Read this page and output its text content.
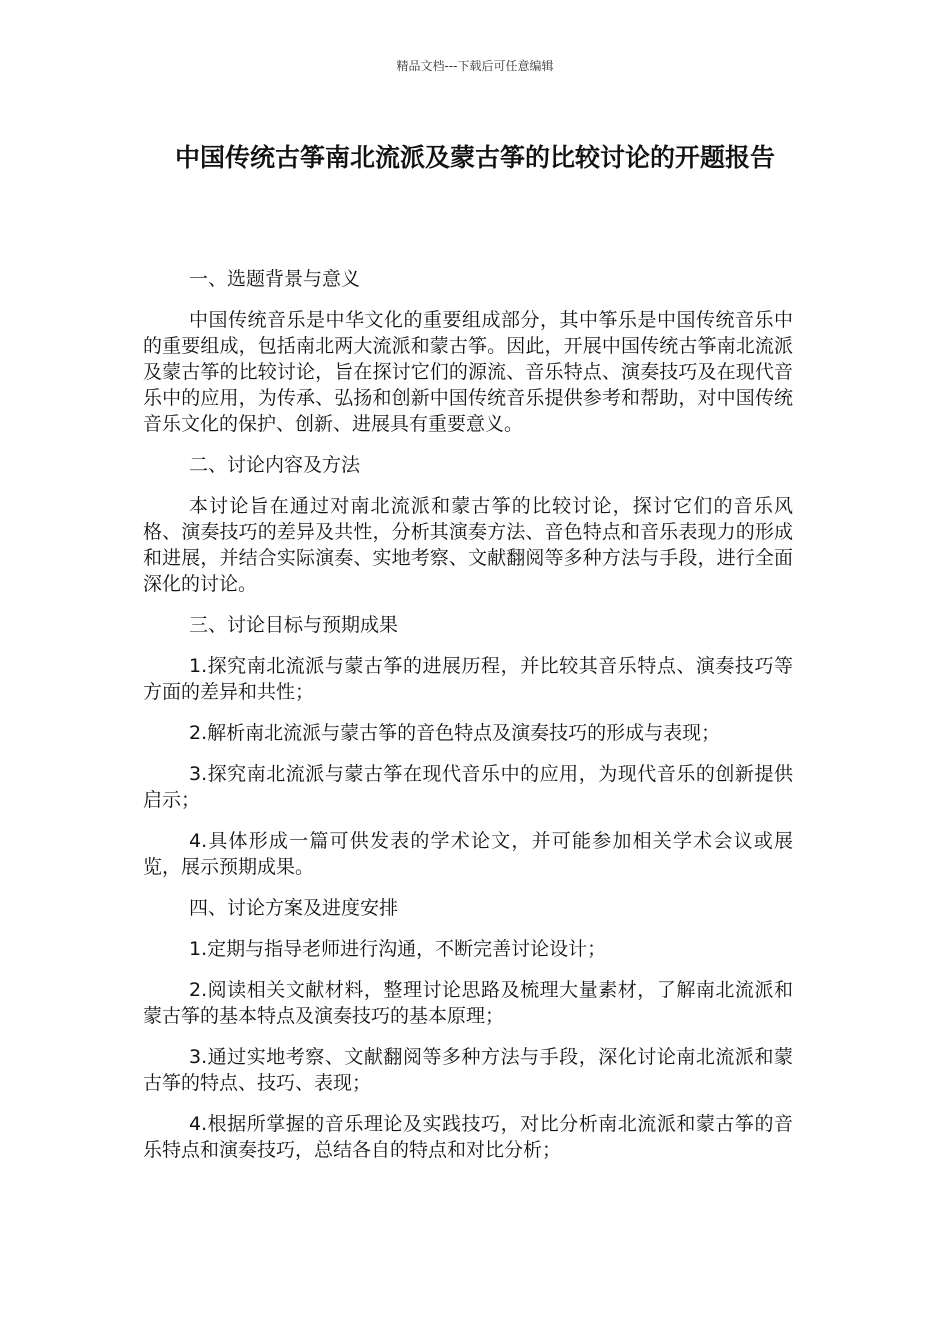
精品文档---下载后可任意编辑
中国传统古筝南北流派及蒙古筝的比较讨论的开题报告

一、选题背景与意义

中国传统音乐是中华文化的重要组成部分，其中筝乐是中国传统音乐中的重要组成，包括南北两大流派和蒙古筝。因此，开展中国传统古筝南北流派及蒙古筝的比较讨论，旨在探讨它们的源流、音乐特点、演奏技巧及在现代音乐中的应用，为传承、弘扬和创新中国传统音乐提供参考和帮助，对中国传统音乐文化的保护、创新、进展具有重要意义。

二、讨论内容及方法

本讨论旨在通过对南北流派和蒙古筝的比较讨论，探讨它们的音乐风格、演奏技巧的差异及共性，分析其演奏方法、音色特点和音乐表现力的形成和进展，并结合实际演奏、实地考察、文献翻阅等多种方法与手段，进行全面深化的讨论。

三、讨论目标与预期成果

1.探究南北流派与蒙古筝的进展历程，并比较其音乐特点、演奏技巧等方面的差异和共性；

2.解析南北流派与蒙古筝的音色特点及演奏技巧的形成与表现；

3.探究南北流派与蒙古筝在现代音乐中的应用，为现代音乐的创新提供启示；

4.具体形成一篇可供发表的学术论文，并可能参加相关学术会议或展览，展示预期成果。

四、讨论方案及进度安排

1.定期与指导老师进行沟通，不断完善讨论设计；

2.阅读相关文献材料，整理讨论思路及梳理大量素材，了解南北流派和蒙古筝的基本特点及演奏技巧的基本原理；

3.通过实地考察、文献翻阅等多种方法与手段，深化讨论南北流派和蒙古筝的特点、技巧、表现；

4.根据所掌握的音乐理论及实践技巧，对比分析南北流派和蒙古筝的音乐特点和演奏技巧，总结各自的特点和对比分析；
